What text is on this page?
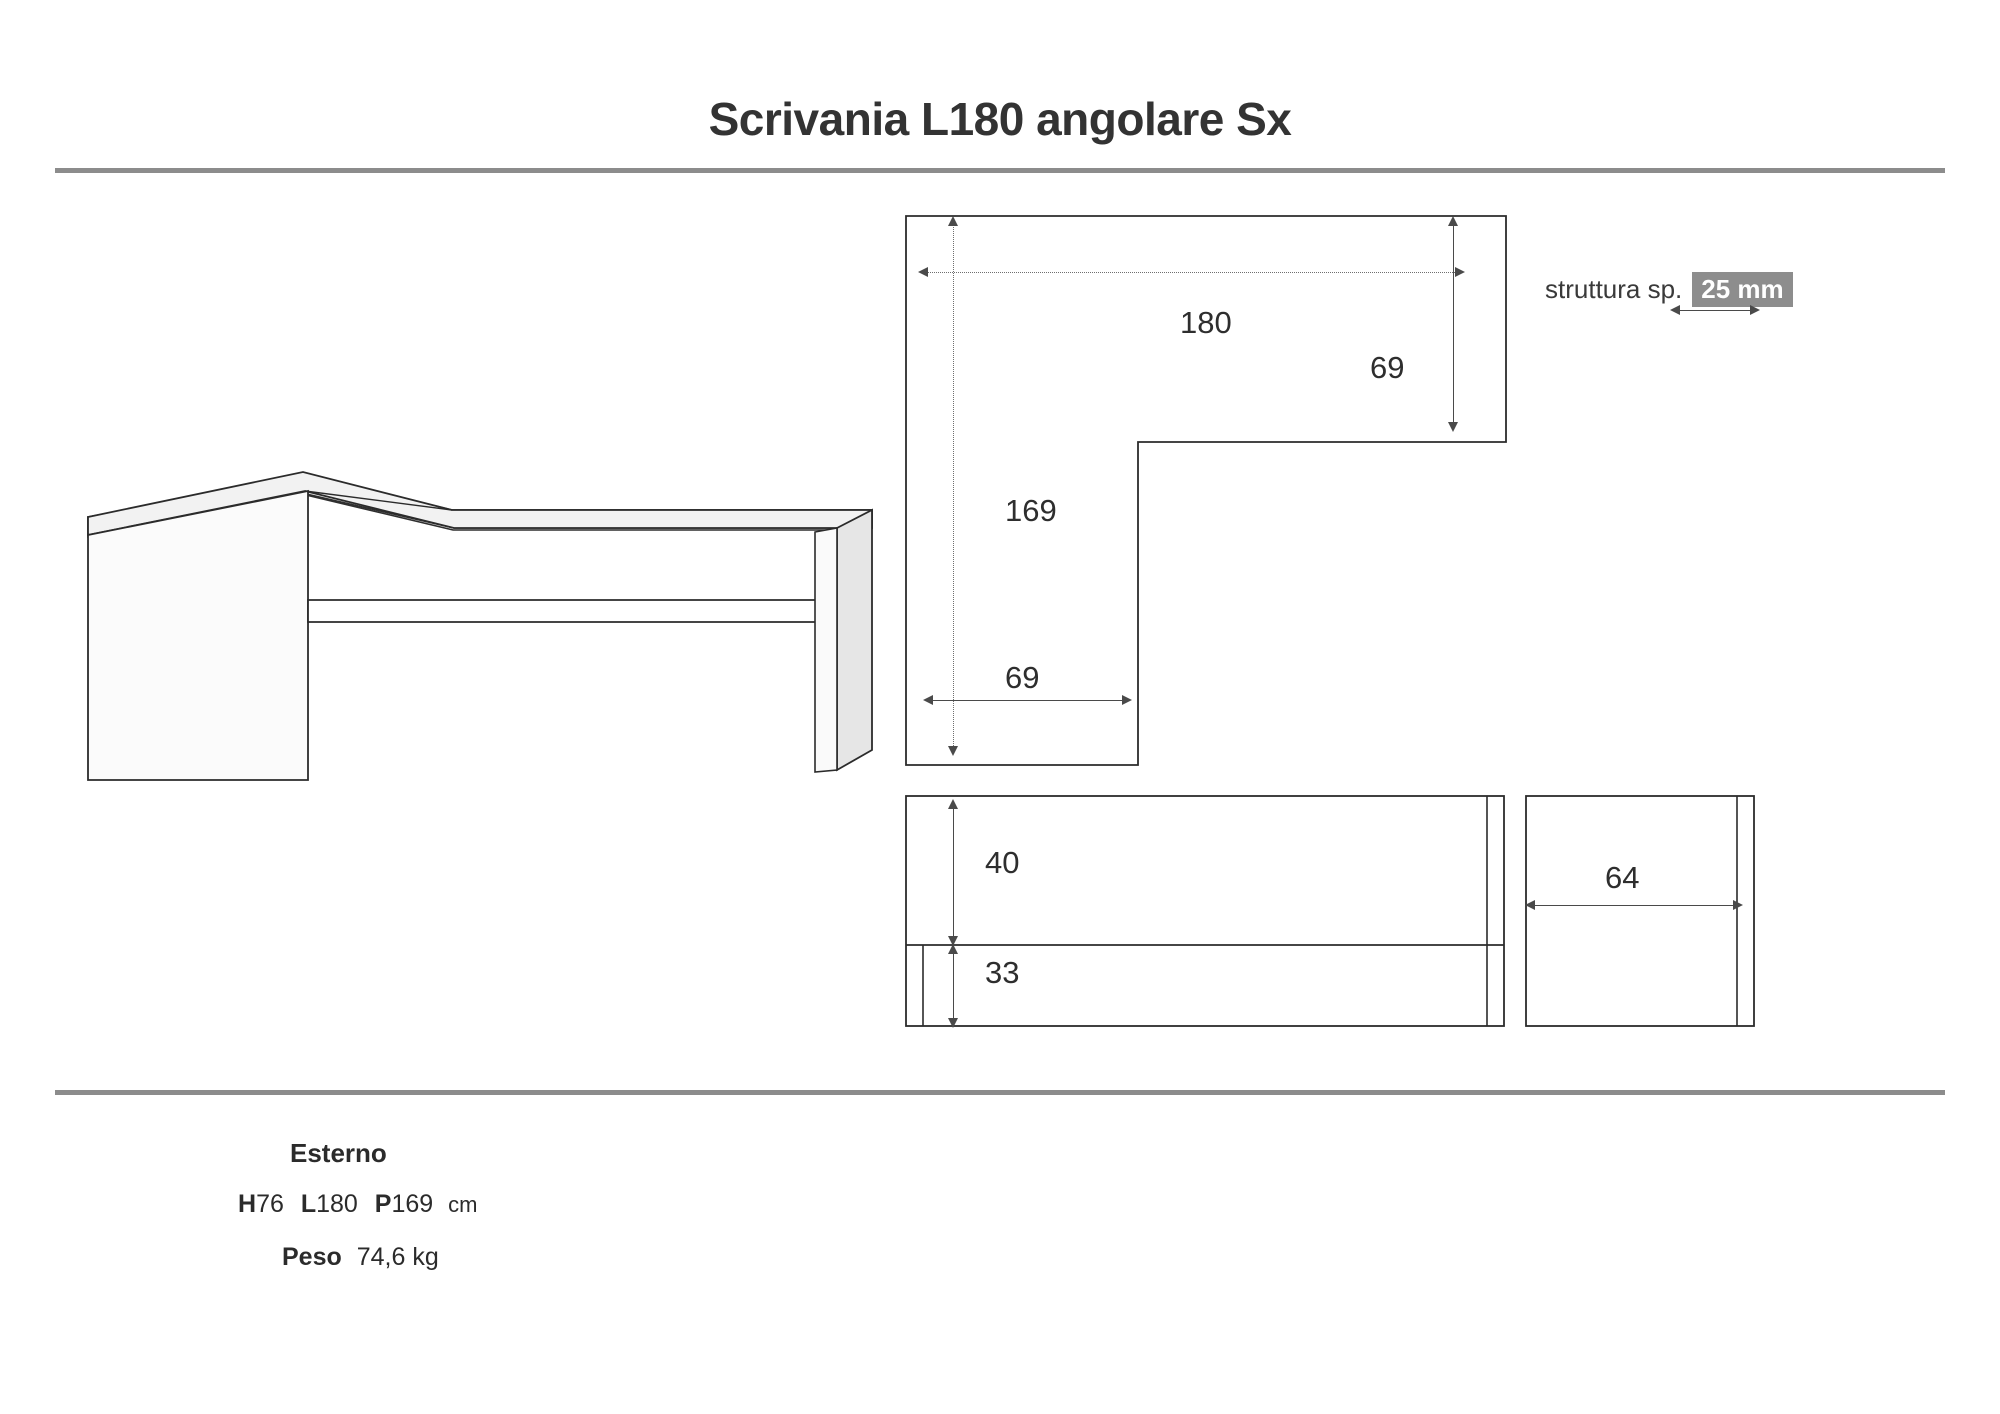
Scrivania L180 angolare Sx
180
69
169
69
struttura sp. 25 mm
40
33
64
Esterno
H76 L180 P169 cm
Peso 74,6 kg
